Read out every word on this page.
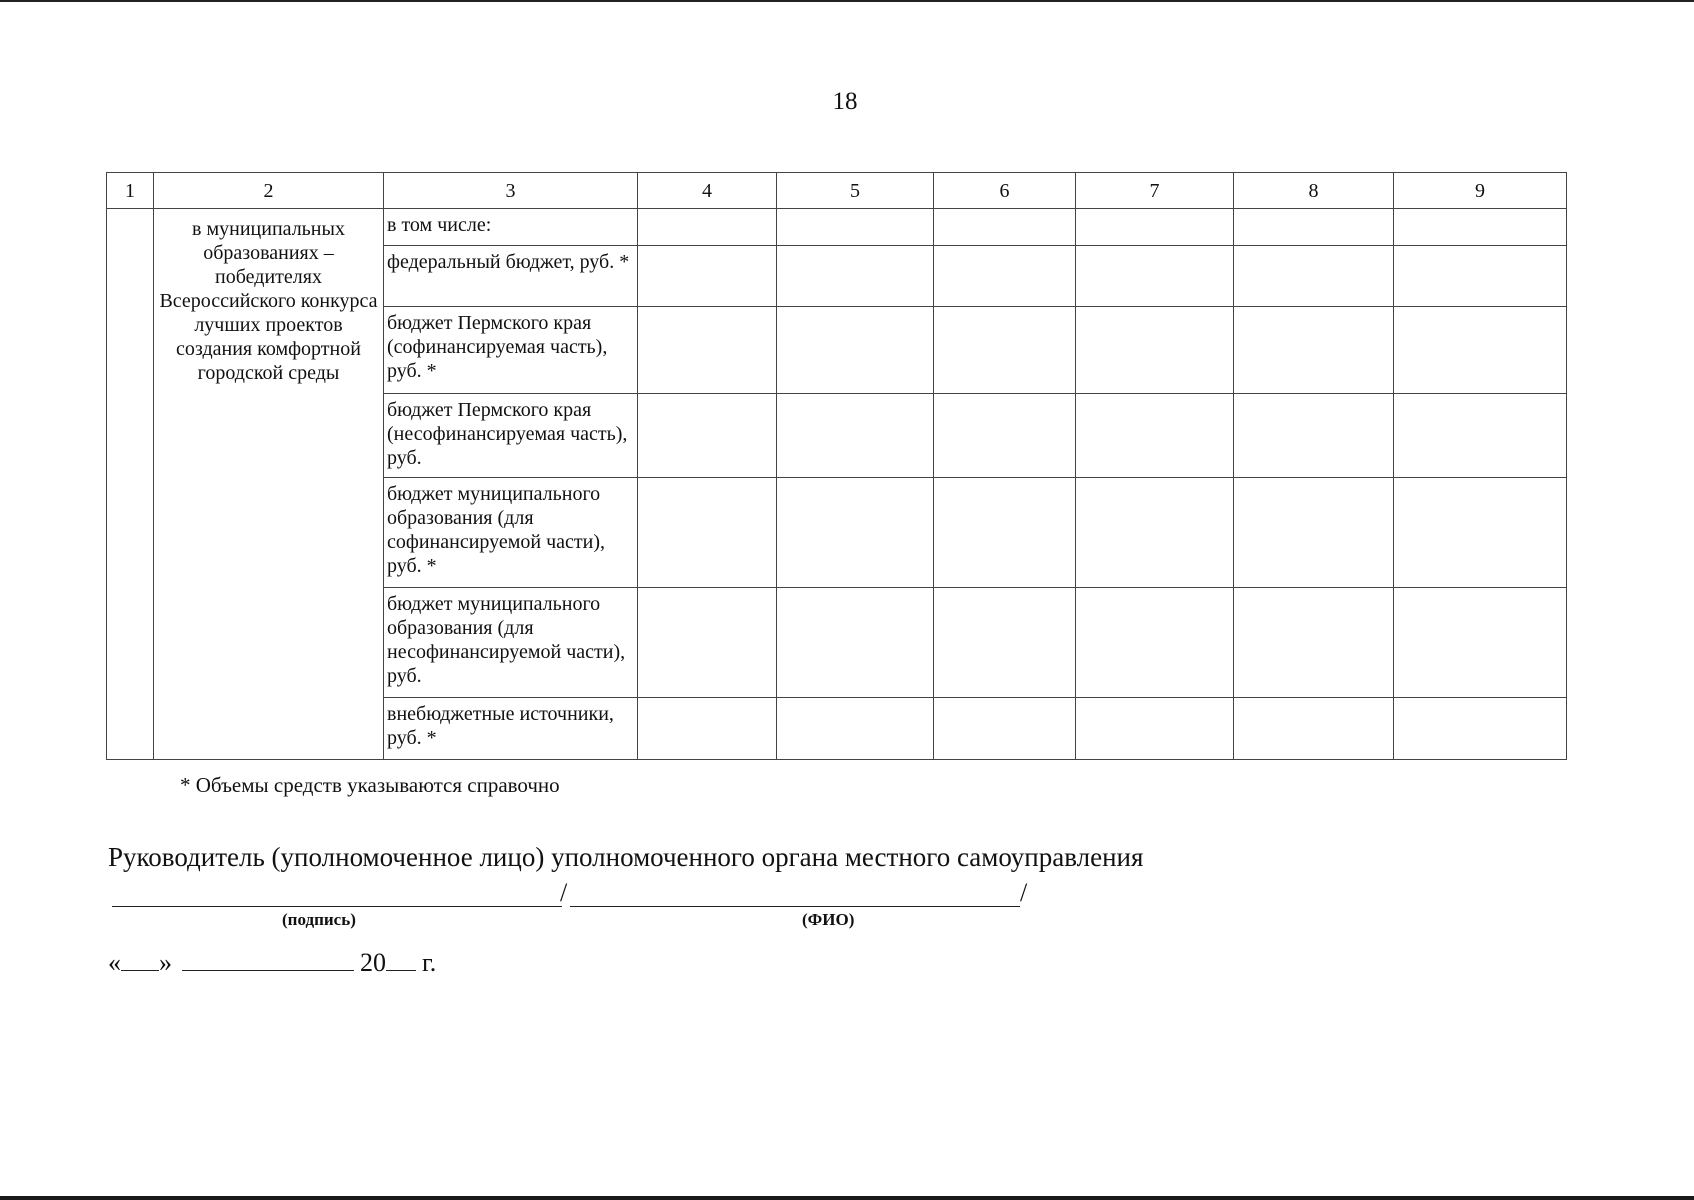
18
1	2	3	4	5	6	7	8	9
	в муниципальных образованиях – победителях Всероссийского конкурса лучших проектов создания комфортной городской среды	в том числе:						
		федеральный бюджет, руб. *						
		бюджет Пермского края (софинансируемая часть), руб. *						
		бюджет Пермского края (несофинансируемая часть), руб.						
		бюджет муниципального образования (для софинансируемой части), руб. *						
		бюджет муниципального образования (для несофинансируемой части), руб.						
		внебюджетные источники, руб. *						
* Объемы средств указываются справочно
Руководитель (уполномоченное лицо) уполномоченного органа местного самоуправления
/	/
(подпись)	(ФИО)
« »	20 г.
